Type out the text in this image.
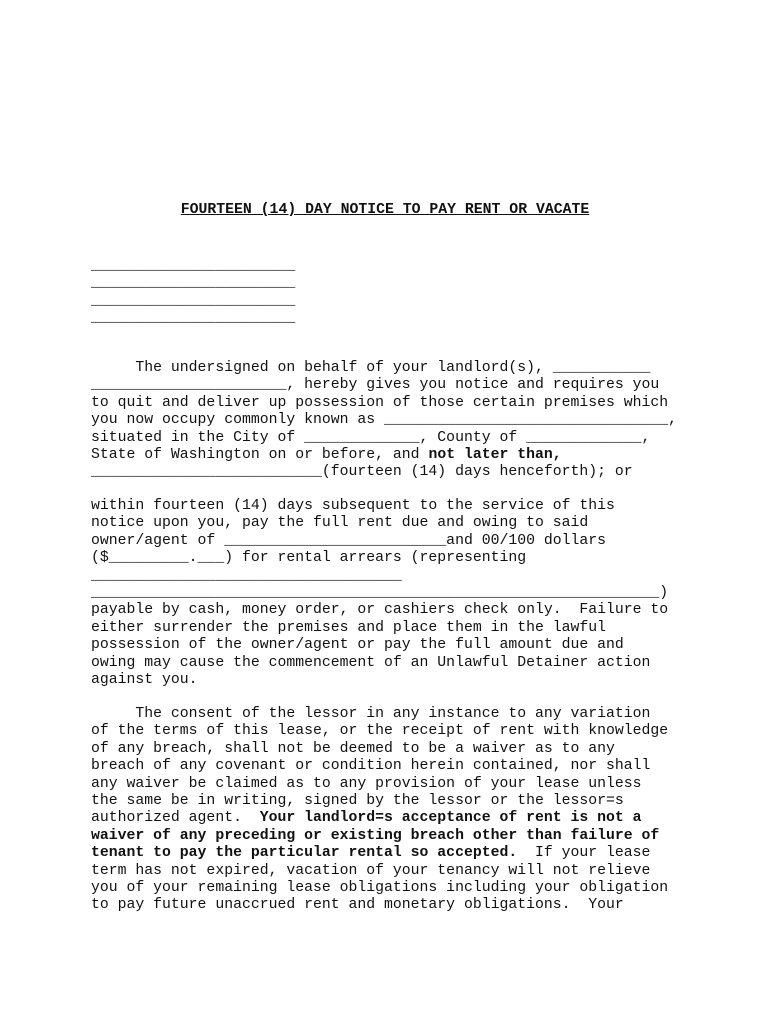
FOURTEEN (14) DAY NOTICE TO PAY RENT OR VACATE
_______________________
_______________________
_______________________
_______________________
The undersigned on behalf of your landlord(s), ___________
______________________, hereby gives you notice and requires you
to quit and deliver up possession of those certain premises which
you now occupy commonly known as ________________________________,
situated in the City of _____________, County of _____________,
State of Washington on or before, and not later than,
__________________________(fourteen (14) days henceforth); or
within fourteen (14) days subsequent to the service of this
notice upon you, pay the full rent due and owing to said
owner/agent of _________________________and 00/100 dollars
($_________.___) for rental arrears (representing
___________________________________
________________________________________________________________)
payable by cash, money order, or cashiers check only.  Failure to
either surrender the premises and place them in the lawful
possession of the owner/agent or pay the full amount due and
owing may cause the commencement of an Unlawful Detainer action
against you.
The consent of the lessor in any instance to any variation
of the terms of this lease, or the receipt of rent with knowledge
of any breach, shall not be deemed to be a waiver as to any
breach of any covenant or condition herein contained, nor shall
any waiver be claimed as to any provision of your lease unless
the same be in writing, signed by the lessor or the lessor=s
authorized agent.  Your landlord=s acceptance of rent is not a
waiver of any preceding or existing breach other than failure of
tenant to pay the particular rental so accepted.  If your lease
term has not expired, vacation of your tenancy will not relieve
you of your remaining lease obligations including your obligation
to pay future unaccrued rent and monetary obligations.  Your
